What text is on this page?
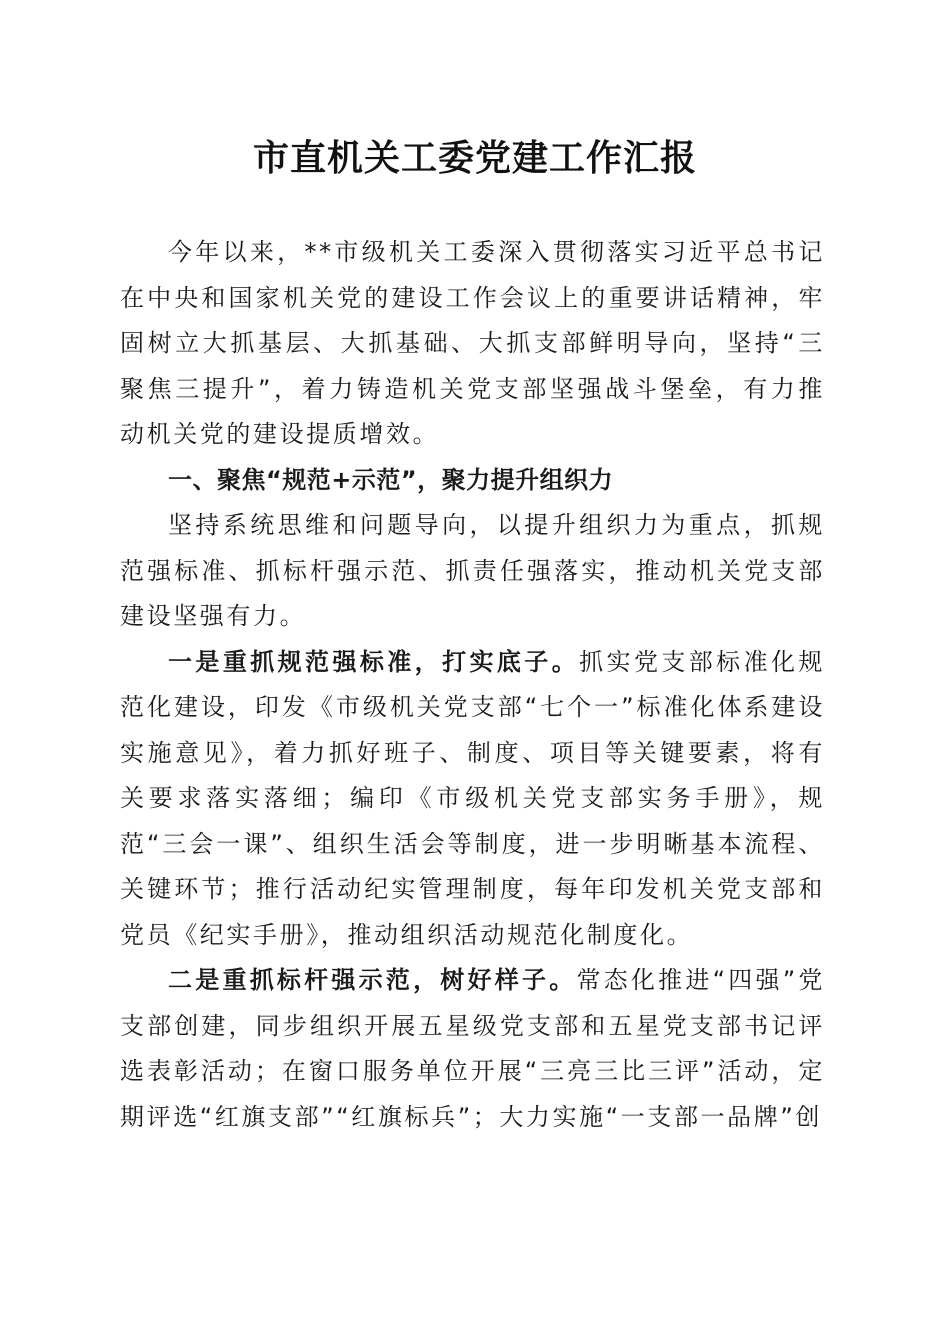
市直机关工委党建工作汇报

今年以来，**市级机关工委深入贯彻落实习近平总书记在中央和国家机关党的建设工作会议上的重要讲话精神，牢固树立大抓基层、大抓基础、大抓支部鲜明导向，坚持“三聚焦三提升”，着力铸造机关党支部坚强战斗堡垒，有力推动机关党的建设提质增效。

一、聚焦“规范+示范”，聚力提升组织力

坚持系统思维和问题导向，以提升组织力为重点，抓规范强标准、抓标杆强示范、抓责任强落实，推动机关党支部建设坚强有力。

一是重抓规范强标准，打实底子。抓实党支部标准化规范化建设，印发《市级机关党支部“七个一”标准化体系建设实施意见》，着力抓好班子、制度、项目等关键要素，将有关要求落实落细；编印《市级机关党支部实务手册》，规范“三会一课”、组织生活会等制度，进一步明晰基本流程、关键环节；推行活动纪实管理制度，每年印发机关党支部和党员《纪实手册》，推动组织活动规范化制度化。

二是重抓标杆强示范，树好样子。常态化推进“四强”党支部创建，同步组织开展五星级党支部和五星党支部书记评选表彰活动；在窗口服务单位开展“三亮三比三评”活动，定期评选“红旗支部”“红旗标兵”；大力实施“一支部一品牌”创
